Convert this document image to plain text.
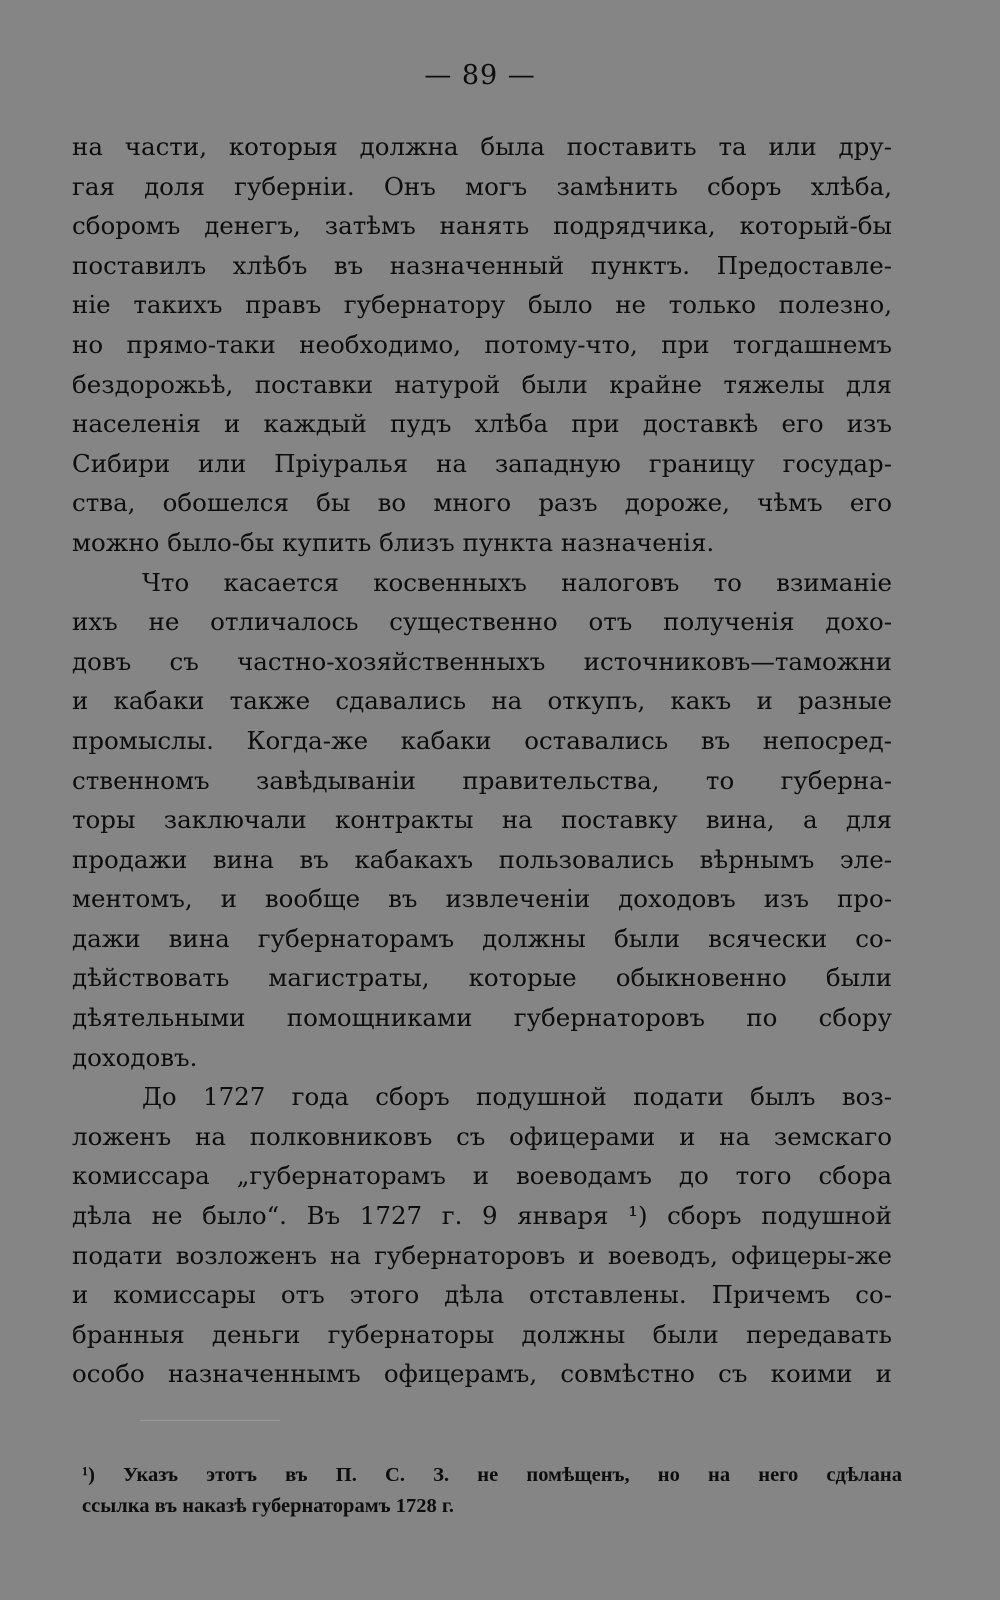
— 89 —
на части, которыя должна была поставить та или дру-
гая доля губерніи. Онъ могъ замѣнить сборъ хлѣба,
сборомъ денегъ, затѣмъ нанять подрядчика, который-бы
поставилъ хлѣбъ въ назначенный пунктъ. Предоставле-
ніе такихъ правъ губернатору было не только полезно,
но прямо-таки необходимо, потому-что, при тогдашнемъ
бездорожьѣ, поставки натурой были крайне тяжелы для
населенія и каждый пудъ хлѣба при доставкѣ его изъ
Сибири или Пріуралья на западную границу государ-
ства, обошелся бы во много разъ дороже, чѣмъ его
можно было-бы купить близъ пункта назначенія.
Что касается косвенныхъ налоговъ то взиманіе
ихъ не отличалось существенно отъ полученія дохо-
довъ съ частно-хозяйственныхъ источниковъ—таможни
и кабаки также сдавались на откупъ, какъ и разные
промыслы. Когда-же кабаки оставались въ непосред-
ственномъ завѣдываніи правительства, то губерна-
торы заключали контракты на поставку вина, а для
продажи вина въ кабакахъ пользовались вѣрнымъ эле-
ментомъ, и вообще въ извлеченіи доходовъ изъ про-
дажи вина губернаторамъ должны были всячески со-
дѣйствовать магистраты, которые обыкновенно были
дѣятельными помощниками губернаторовъ по сбору
доходовъ.
До 1727 года сборъ подушной подати былъ воз-
ложенъ на полковниковъ съ офицерами и на земскаго
комиссара „губернаторамъ и воеводамъ до того сбора
дѣла не было“. Въ 1727 г. 9 января ¹) сборъ подушной
подати возложенъ на губернаторовъ и воеводъ, офицеры-же
и комиссары отъ этого дѣла отставлены. Причемъ со-
бранныя деньги губернаторы должны были передавать
особо назначеннымъ офицерамъ, совмѣстно съ коими и
¹) Указъ этотъ въ П. С. З. не помѣщенъ, но на него сдѣлана
ссылка въ наказѣ губернаторамъ 1728 г.
